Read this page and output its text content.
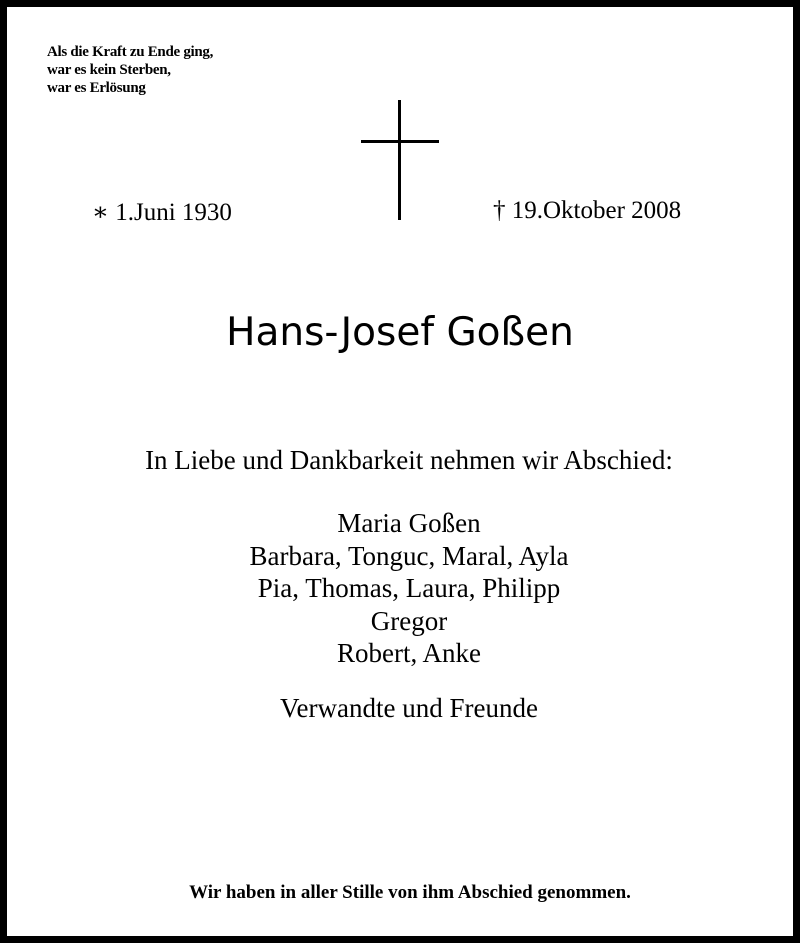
Als die Kraft zu Ende ging,
war es kein Sterben,
war es Erlösung
∗ 1.Juni 1930	† 19.Oktober 2008
Hans-Josef Goßen
In Liebe und Dankbarkeit nehmen wir Abschied:
Maria Goßen
Barbara, Tonguc, Maral, Ayla
Pia, Thomas, Laura, Philipp
Gregor
Robert, Anke
Verwandte und Freunde
Wir haben in aller Stille von ihm Abschied genommen.
